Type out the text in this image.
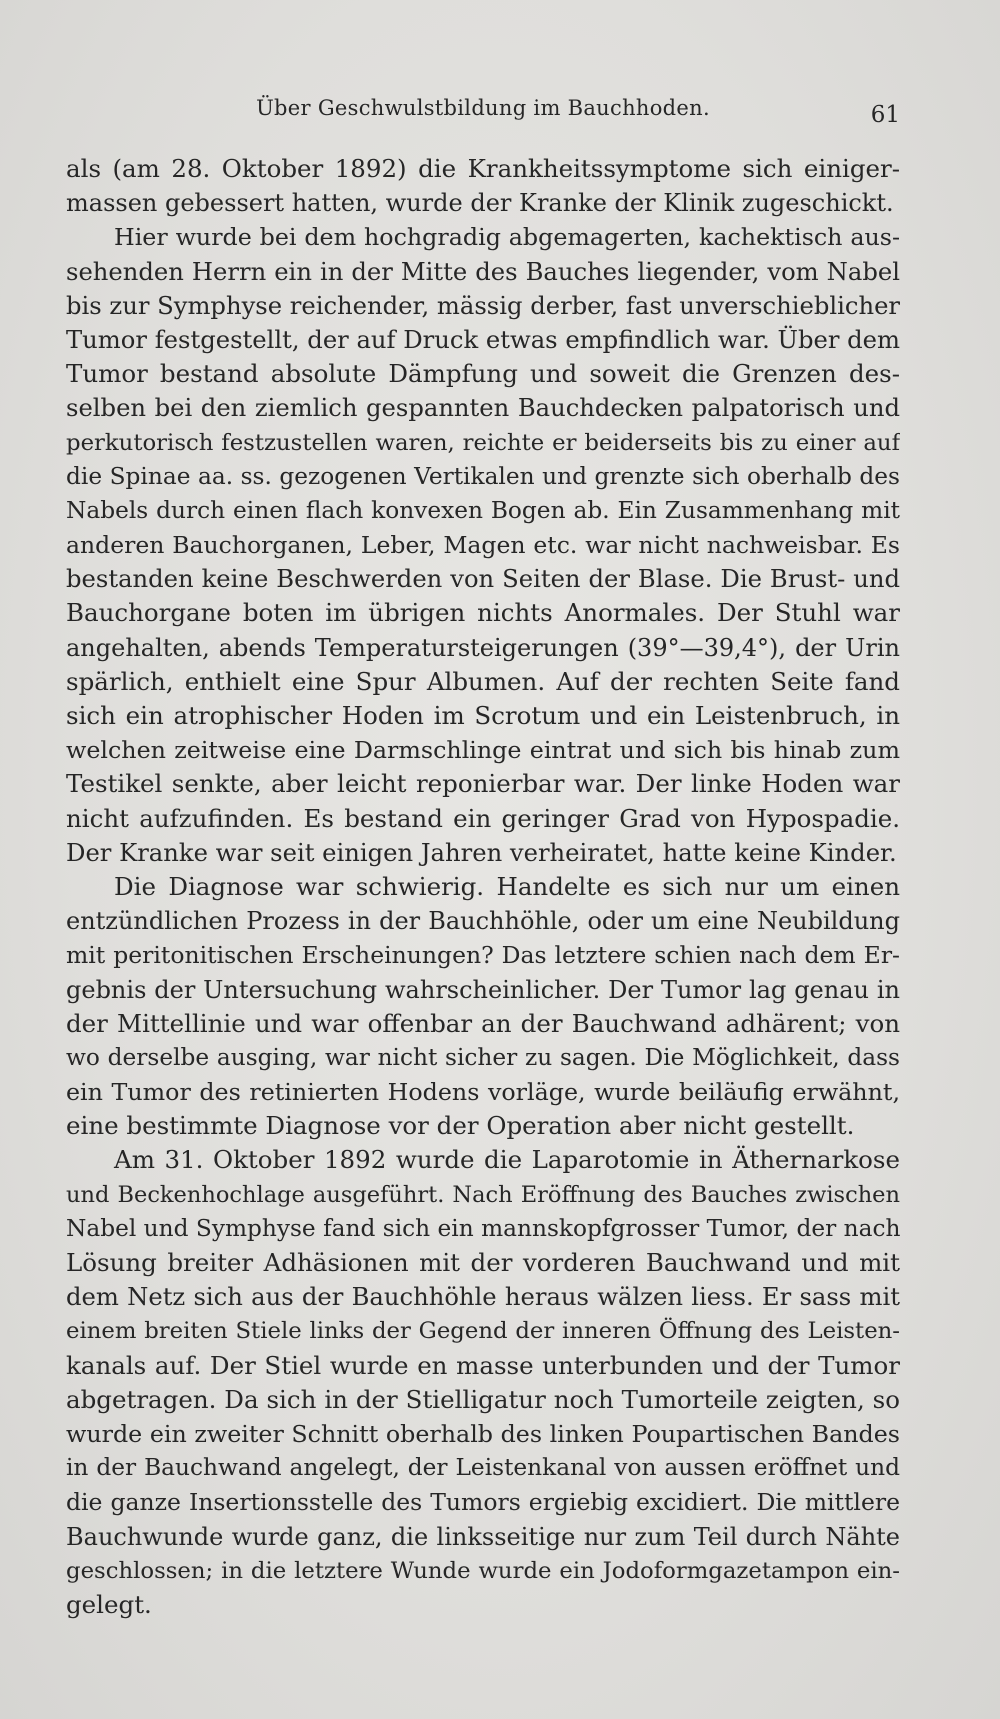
Über Geschwulstbildung im Bauchhoden.	61
als (am 28. Oktober 1892) die Krankheitssymptome sich einiger-
massen gebessert hatten, wurde der Kranke der Klinik zugeschickt.
Hier wurde bei dem hochgradig abgemagerten, kachektisch aus-
sehenden Herrn ein in der Mitte des Bauches liegender, vom Nabel
bis zur Symphyse reichender, mässig derber, fast unverschieblicher
Tumor festgestellt, der auf Druck etwas empfindlich war. Über dem
Tumor bestand absolute Dämpfung und soweit die Grenzen des-
selben bei den ziemlich gespannten Bauchdecken palpatorisch und
perkutorisch festzustellen waren, reichte er beiderseits bis zu einer auf
die Spinae aa. ss. gezogenen Vertikalen und grenzte sich oberhalb des
Nabels durch einen flach konvexen Bogen ab. Ein Zusammenhang mit
anderen Bauchorganen, Leber, Magen etc. war nicht nachweisbar. Es
bestanden keine Beschwerden von Seiten der Blase. Die Brust- und
Bauchorgane boten im übrigen nichts Anormales. Der Stuhl war
angehalten, abends Temperatursteigerungen (39°—39,4°), der Urin
spärlich, enthielt eine Spur Albumen. Auf der rechten Seite fand
sich ein atrophischer Hoden im Scrotum und ein Leistenbruch, in
welchen zeitweise eine Darmschlinge eintrat und sich bis hinab zum
Testikel senkte, aber leicht reponierbar war. Der linke Hoden war
nicht aufzufinden. Es bestand ein geringer Grad von Hypospadie.
Der Kranke war seit einigen Jahren verheiratet, hatte keine Kinder.
Die Diagnose war schwierig. Handelte es sich nur um einen
entzündlichen Prozess in der Bauchhöhle, oder um eine Neubildung
mit peritonitischen Erscheinungen? Das letztere schien nach dem Er-
gebnis der Untersuchung wahrscheinlicher. Der Tumor lag genau in
der Mittellinie und war offenbar an der Bauchwand adhärent; von
wo derselbe ausging, war nicht sicher zu sagen. Die Möglichkeit, dass
ein Tumor des retinierten Hodens vorläge, wurde beiläufig erwähnt,
eine bestimmte Diagnose vor der Operation aber nicht gestellt.
Am 31. Oktober 1892 wurde die Laparotomie in Äthernarkose
und Beckenhochlage ausgeführt. Nach Eröffnung des Bauches zwischen
Nabel und Symphyse fand sich ein mannskopfgrosser Tumor, der nach
Lösung breiter Adhäsionen mit der vorderen Bauchwand und mit
dem Netz sich aus der Bauchhöhle heraus wälzen liess. Er sass mit
einem breiten Stiele links der Gegend der inneren Öffnung des Leisten-
kanals auf. Der Stiel wurde en masse unterbunden und der Tumor
abgetragen. Da sich in der Stielligatur noch Tumorteile zeigten, so
wurde ein zweiter Schnitt oberhalb des linken Poupartischen Bandes
in der Bauchwand angelegt, der Leistenkanal von aussen eröffnet und
die ganze Insertionsstelle des Tumors ergiebig excidiert. Die mittlere
Bauchwunde wurde ganz, die linksseitige nur zum Teil durch Nähte
geschlossen; in die letztere Wunde wurde ein Jodoformgazetampon ein-
gelegt.
